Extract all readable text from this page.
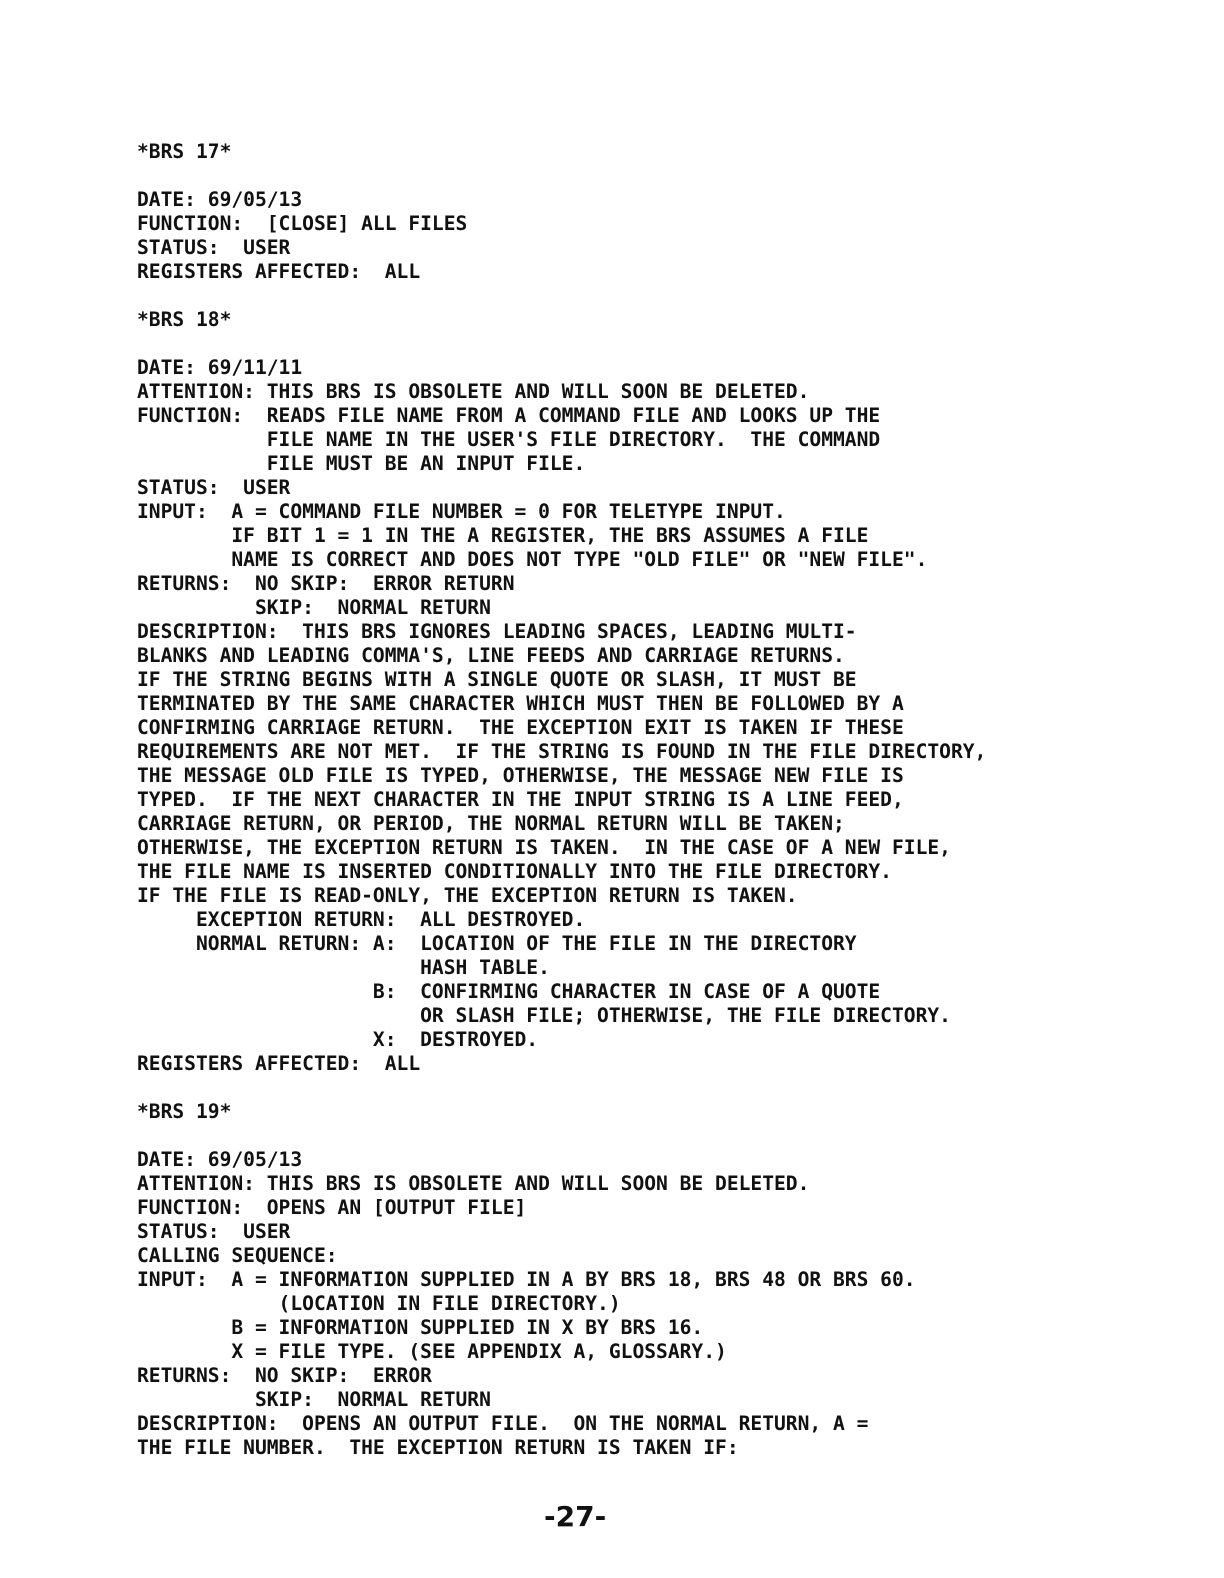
*BRS 17*
DATE: 69/05/13
FUNCTION:  [CLOSE] ALL FILES
STATUS:  USER
REGISTERS AFFECTED:  ALL
*BRS 18*
DATE: 69/11/11
ATTENTION: THIS BRS IS OBSOLETE AND WILL SOON BE DELETED.
FUNCTION:  READS FILE NAME FROM A COMMAND FILE AND LOOKS UP THE
FILE NAME IN THE USER'S FILE DIRECTORY.  THE COMMAND
FILE MUST BE AN INPUT FILE.
STATUS:  USER
INPUT:  A = COMMAND FILE NUMBER = 0 FOR TELETYPE INPUT.
IF BIT 1 = 1 IN THE A REGISTER, THE BRS ASSUMES A FILE
NAME IS CORRECT AND DOES NOT TYPE "OLD FILE" OR "NEW FILE".
RETURNS:  NO SKIP:  ERROR RETURN
SKIP:  NORMAL RETURN
DESCRIPTION:  THIS BRS IGNORES LEADING SPACES, LEADING MULTI-
BLANKS AND LEADING COMMA'S, LINE FEEDS AND CARRIAGE RETURNS.
IF THE STRING BEGINS WITH A SINGLE QUOTE OR SLASH, IT MUST BE
TERMINATED BY THE SAME CHARACTER WHICH MUST THEN BE FOLLOWED BY A
CONFIRMING CARRIAGE RETURN.  THE EXCEPTION EXIT IS TAKEN IF THESE
REQUIREMENTS ARE NOT MET.  IF THE STRING IS FOUND IN THE FILE DIRECTORY,
THE MESSAGE OLD FILE IS TYPED, OTHERWISE, THE MESSAGE NEW FILE IS
TYPED.  IF THE NEXT CHARACTER IN THE INPUT STRING IS A LINE FEED,
CARRIAGE RETURN, OR PERIOD, THE NORMAL RETURN WILL BE TAKEN;
OTHERWISE, THE EXCEPTION RETURN IS TAKEN.  IN THE CASE OF A NEW FILE,
THE FILE NAME IS INSERTED CONDITIONALLY INTO THE FILE DIRECTORY.
IF THE FILE IS READ-ONLY, THE EXCEPTION RETURN IS TAKEN.
EXCEPTION RETURN:  ALL DESTROYED.
NORMAL RETURN: A:  LOCATION OF THE FILE IN THE DIRECTORY
HASH TABLE.
B:  CONFIRMING CHARACTER IN CASE OF A QUOTE
OR SLASH FILE; OTHERWISE, THE FILE DIRECTORY.
X:  DESTROYED.
REGISTERS AFFECTED:  ALL
*BRS 19*
DATE: 69/05/13
ATTENTION: THIS BRS IS OBSOLETE AND WILL SOON BE DELETED.
FUNCTION:  OPENS AN [OUTPUT FILE]
STATUS:  USER
CALLING SEQUENCE:
INPUT:  A = INFORMATION SUPPLIED IN A BY BRS 18, BRS 48 OR BRS 60.
(LOCATION IN FILE DIRECTORY.)
B = INFORMATION SUPPLIED IN X BY BRS 16.
X = FILE TYPE. (SEE APPENDIX A, GLOSSARY.)
RETURNS:  NO SKIP:  ERROR
SKIP:  NORMAL RETURN
DESCRIPTION:  OPENS AN OUTPUT FILE.  ON THE NORMAL RETURN, A =
THE FILE NUMBER.  THE EXCEPTION RETURN IS TAKEN IF:
-27-
